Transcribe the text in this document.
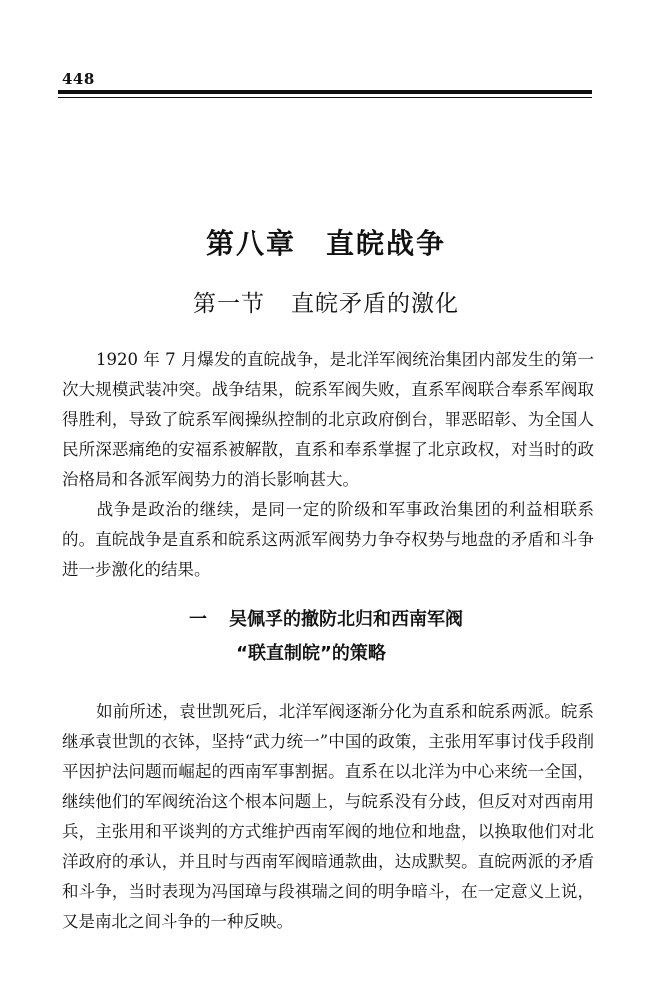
448
第八章 直皖战争
第一节 直皖矛盾的激化

1920 年 7 月爆发的直皖战争，是北洋军阀统治集团内部发生的第一次大规模武装冲突。战争结果，皖系军阀失败，直系军阀联合奉系军阀取得胜利，导致了皖系军阀操纵控制的北京政府倒台，罪恶昭彰、为全国人民所深恶痛绝的安福系被解散，直系和奉系掌握了北京政权，对当时的政治格局和各派军阀势力的消长影响甚大。

战争是政治的继续，是同一定的阶级和军事政治集团的利益相联系的。直皖战争是直系和皖系这两派军阀势力争夺权势与地盘的矛盾和斗争进一步激化的结果。

一 吴佩孚的撤防北归和西南军阀
“联直制皖”的策略

如前所述，袁世凯死后，北洋军阀逐渐分化为直系和皖系两派。皖系继承袁世凯的衣钵，坚持“武力统一”中国的政策，主张用军事讨伐手段削平因护法问题而崛起的西南军事割据。直系在以北洋为中心来统一全国，继续他们的军阀统治这个根本问题上，与皖系没有分歧，但反对对西南用兵，主张用和平谈判的方式维护西南军阀的地位和地盘，以换取他们对北洋政府的承认，并且时与西南军阀暗通款曲，达成默契。直皖两派的矛盾和斗争，当时表现为冯国璋与段祺瑞之间的明争暗斗，在一定意义上说，又是南北之间斗争的一种反映。
